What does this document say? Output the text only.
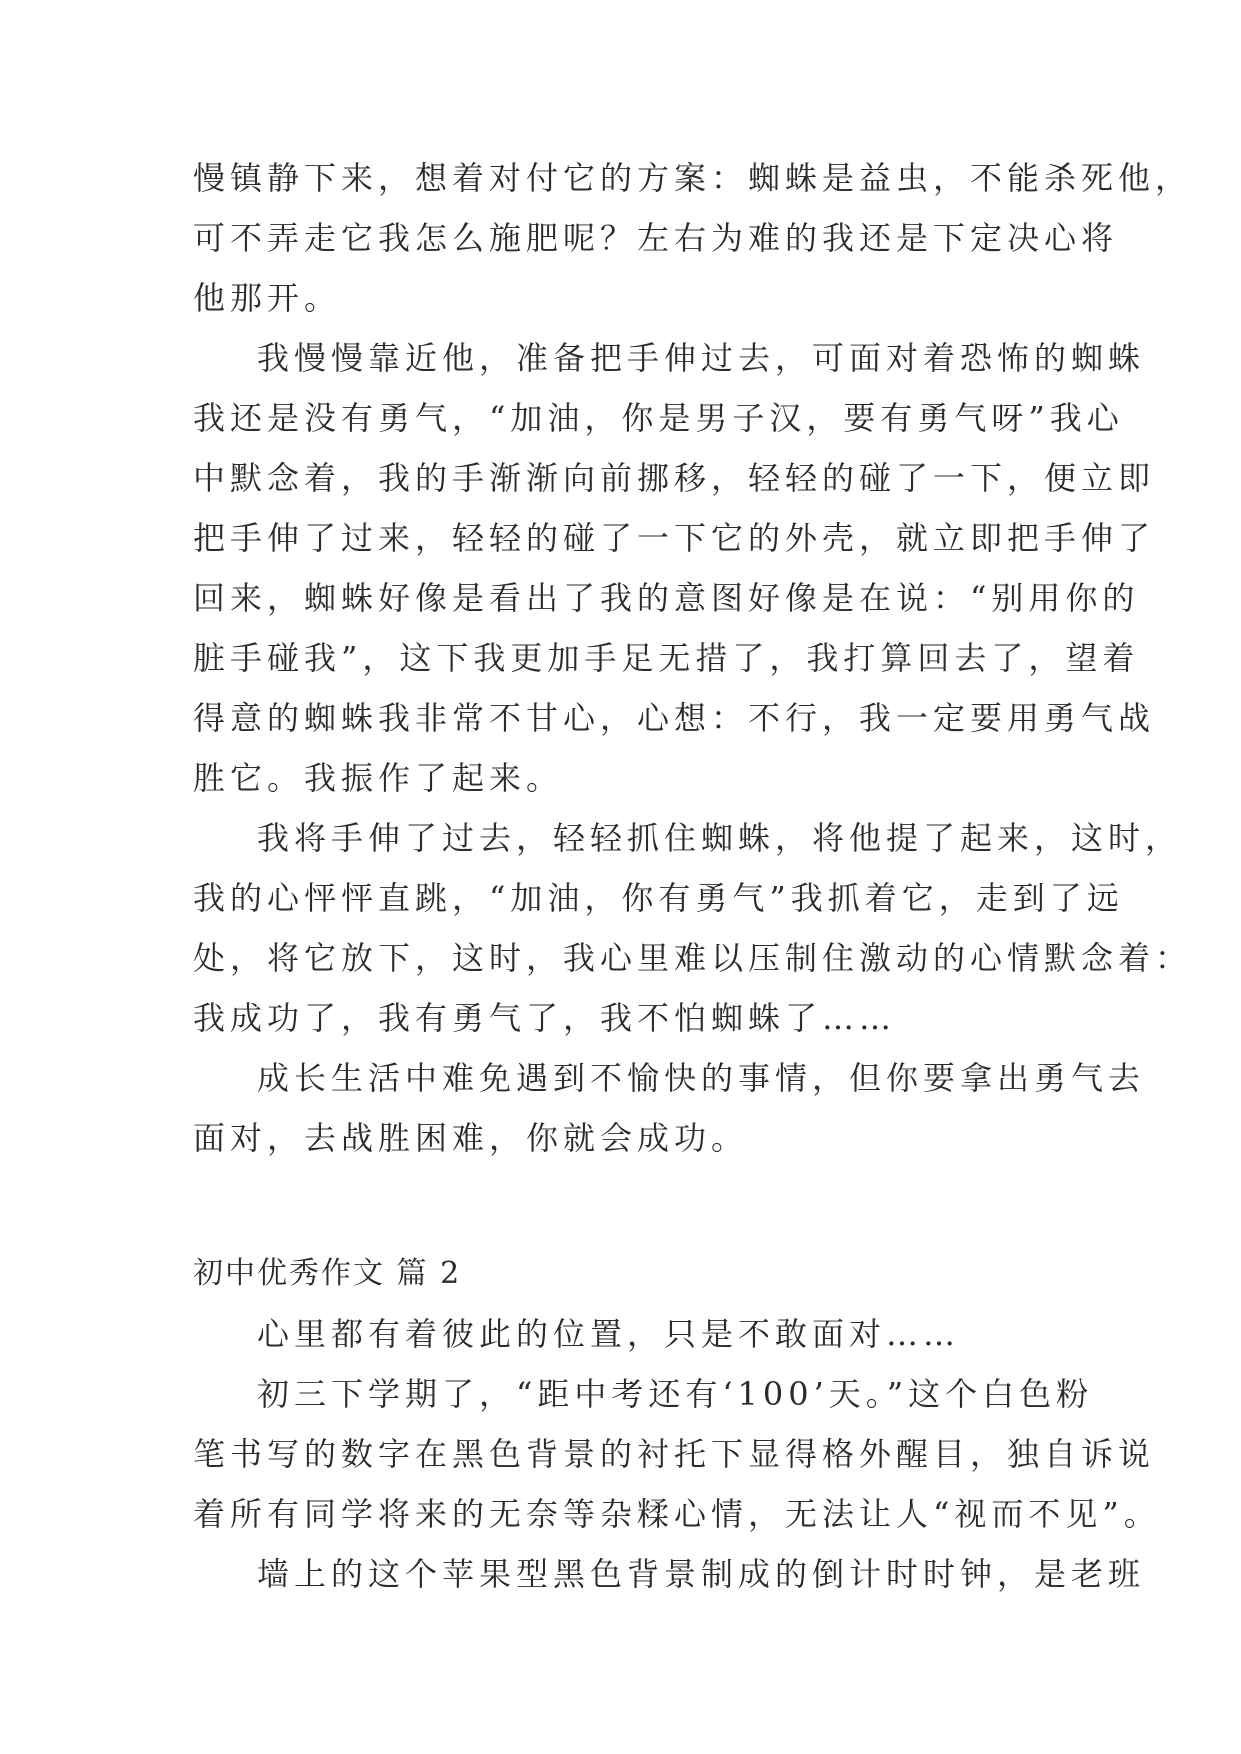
慢镇静下来，想着对付它的方案：蜘蛛是益虫，不能杀死他，
可不弄走它我怎么施肥呢？左右为难的我还是下定决心将
他那开。
我慢慢靠近他，准备把手伸过去，可面对着恐怖的蜘蛛
我还是没有勇气，“加油，你是男子汉，要有勇气呀”我心
中默念着，我的手渐渐向前挪移，轻轻的碰了一下，便立即
把手伸了过来，轻轻的碰了一下它的外壳，就立即把手伸了
回来，蜘蛛好像是看出了我的意图好像是在说：“别用你的
脏手碰我”，这下我更加手足无措了，我打算回去了，望着
得意的蜘蛛我非常不甘心，心想：不行，我一定要用勇气战
胜它。我振作了起来。
我将手伸了过去，轻轻抓住蜘蛛，将他提了起来，这时，
我的心怦怦直跳，“加油，你有勇气”我抓着它，走到了远
处，将它放下，这时，我心里难以压制住激动的心情默念着：
我成功了，我有勇气了，我不怕蜘蛛了……
成长生活中难免遇到不愉快的事情，但你要拿出勇气去
面对，去战胜困难，你就会成功。
初中优秀作文 篇 2
心里都有着彼此的位置，只是不敢面对……
初三下学期了，“距中考还有‘100’天。”这个白色粉
笔书写的数字在黑色背景的衬托下显得格外醒目，独自诉说
着所有同学将来的无奈等杂糅心情，无法让人“视而不见”。
墙上的这个苹果型黑色背景制成的倒计时时钟，是老班
